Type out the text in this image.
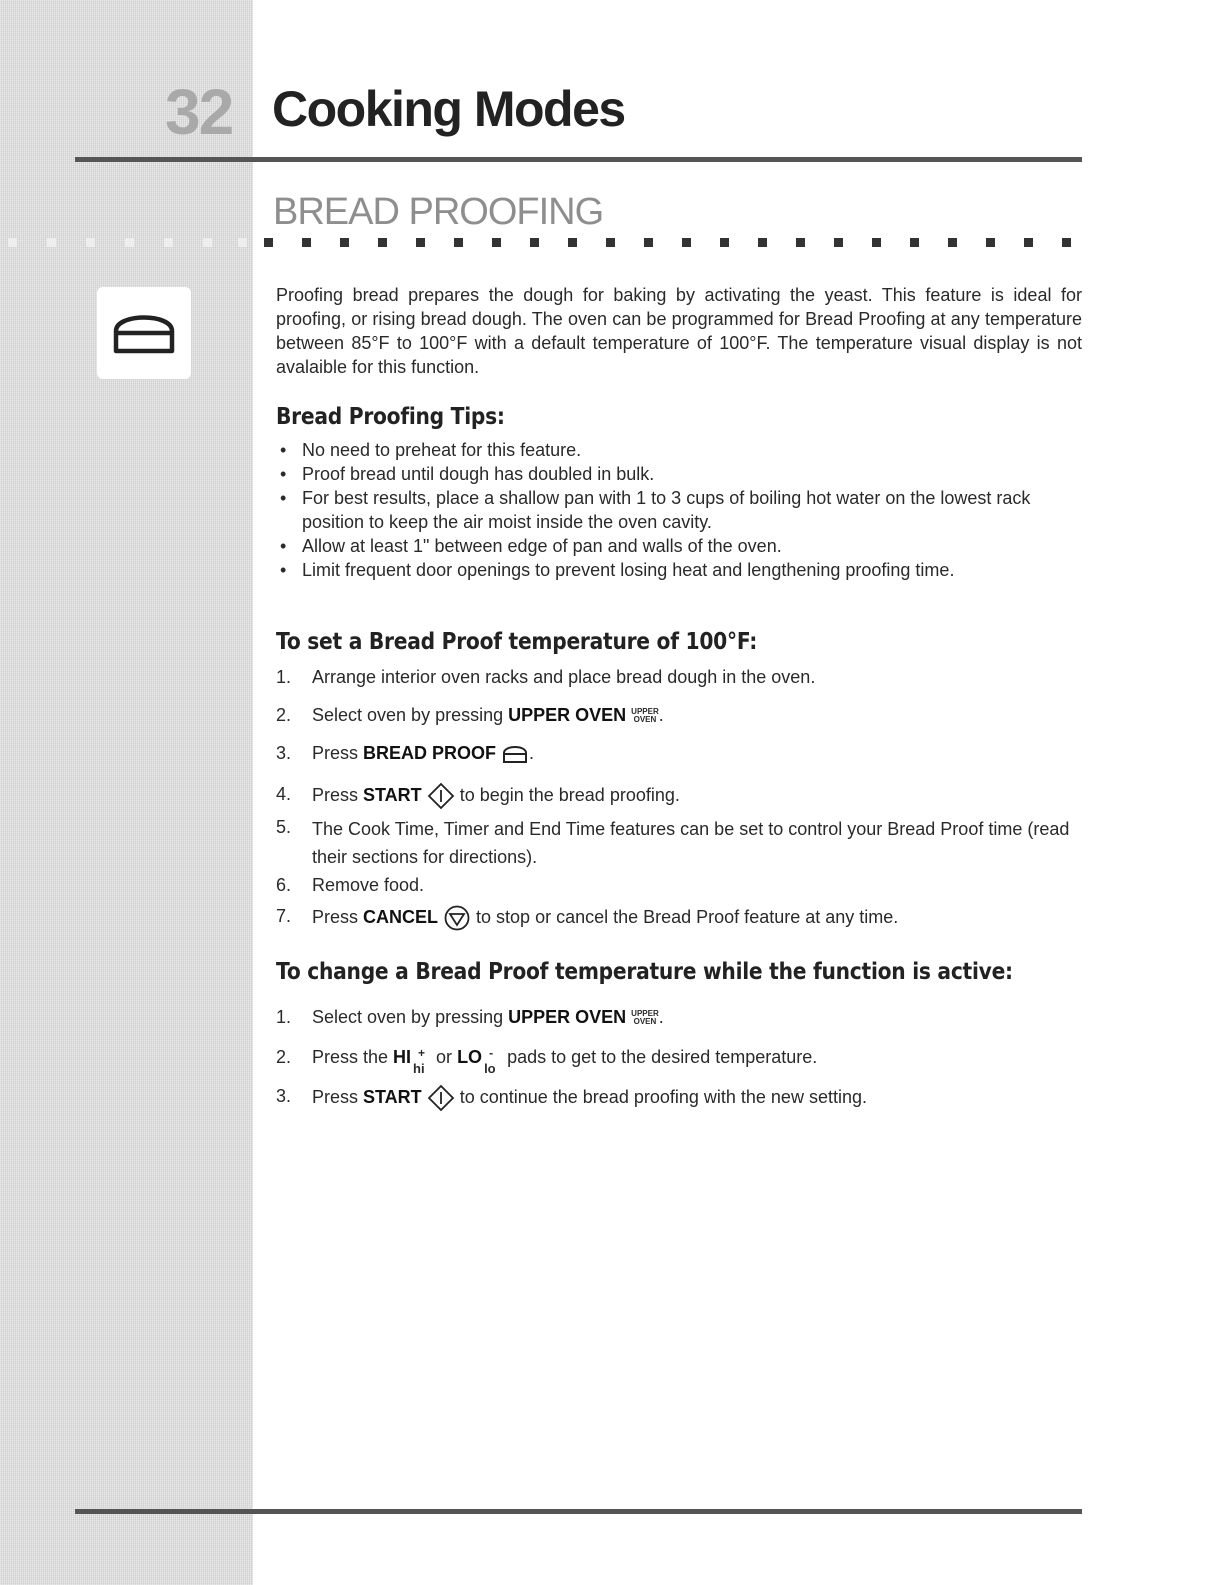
32 Cooking Modes
BREAD PROOFING
Proofing bread prepares the dough for baking by activating the yeast. This feature is ideal for proofing, or rising bread dough. The oven can be programmed for Bread Proofing at any temperature between 85°F to 100°F with a default temperature of 100°F. The temperature visual display is not avalaible for this function.
Bread Proofing Tips:
• No need to preheat for this feature.
• Proof bread until dough has doubled in bulk.
• For best results, place a shallow pan with 1 to 3 cups of boiling hot water on the lowest rack position to keep the air moist inside the oven cavity.
• Allow at least 1" between edge of pan and walls of the oven.
• Limit frequent door openings to prevent losing heat and lengthening proofing time.
To set a Bread Proof temperature of 100°F:
1. Arrange interior oven racks and place bread dough in the oven.
2. Select oven by pressing UPPER OVEN UPPER
OVEN .
3. Press BREAD PROOF .
4. Press START  to begin the bread proofing.
5. The Cook Time, Timer and End Time features can be set to control your Bread Proof time (read their sections for directions).
6. Remove food.
7. Press CANCEL  to stop or cancel the Bread Proof feature at any time.
To change a Bread Proof temperature while the function is active:
1. Select oven by pressing UPPER OVEN UPPER
OVEN .
2. Press the HI +
hi
or LO -
lo
pads to get to the desired temperature.
3. Press START  to continue the bread proofing with the new setting.
